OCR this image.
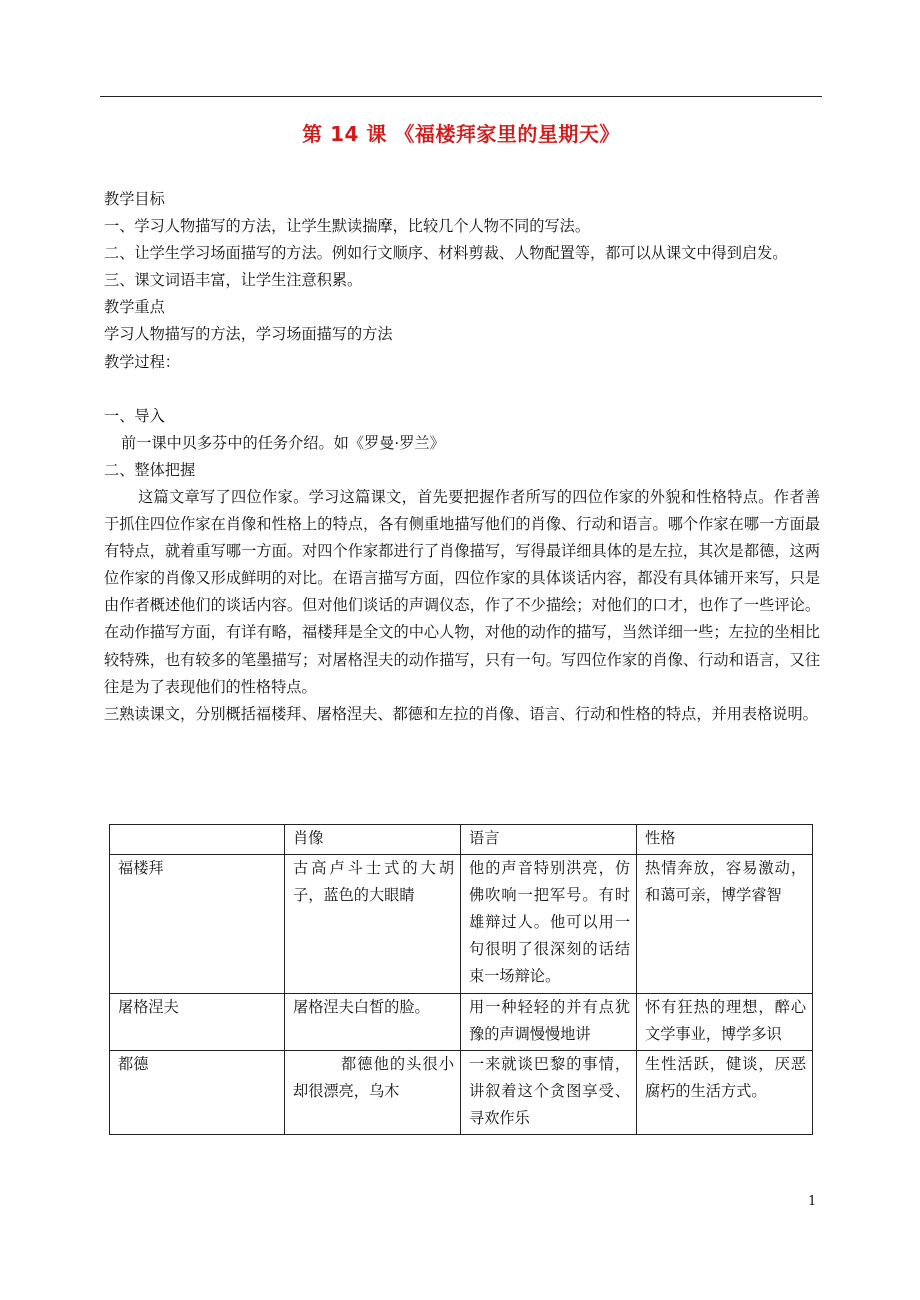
第 14 课 《福楼拜家里的星期天》
教学目标
一、学习人物描写的方法，让学生默读揣摩，比较几个人物不同的写法。
二、让学生学习场面描写的方法。例如行文顺序、材料剪裁、人物配置等，都可以从课文中得到启发。
三、课文词语丰富，让学生注意积累。
教学重点
学习人物描写的方法，学习场面描写的方法
教学过程：
一、导入
前一课中贝多芬中的任务介绍。如《罗曼·罗兰》
二、整体把握
这篇文章写了四位作家。学习这篇课文，首先要把握作者所写的四位作家的外貌和性格特点。作者善于抓住四位作家在肖像和性格上的特点，各有侧重地描写他们的肖像、行动和语言。哪个作家在哪一方面最有特点，就着重写哪一方面。对四个作家都进行了肖像描写，写得最详细具体的是左拉，其次是都德，这两位作家的肖像又形成鲜明的对比。在语言描写方面，四位作家的具体谈话内容，都没有具体铺开来写，只是由作者概述他们的谈话内容。但对他们谈话的声调仪态，作了不少描绘；对他们的口才，也作了一些评论。在动作描写方面，有详有略，福楼拜是全文的中心人物，对他的动作的描写，当然详细一些；左拉的坐相比较特殊，也有较多的笔墨描写；对屠格涅夫的动作描写，只有一句。写四位作家的肖像、行动和语言，又往往是为了表现他们的性格特点。
三熟读课文，分别概括福楼拜、屠格涅夫、都德和左拉的肖像、语言、行动和性格的特点，并用表格说明。
	肖像	语言	性格
福楼拜	古高卢斗士式的大胡子，蓝色的大眼睛	他的声音特别洪亮，仿佛吹响一把军号。有时雄辩过人。他可以用一句很明了很深刻的话结束一场辩论。	热情奔放，容易激动，和蔼可亲，博学睿智
屠格涅夫	屠格涅夫白皙的脸。	用一种轻轻的并有点犹豫的声调慢慢地讲	怀有狂热的理想，醉心文学事业，博学多识
都德	都德他的头很小却很漂亮，乌木	一来就谈巴黎的事情，讲叙着这个贪图享受、寻欢作乐	生性活跃，健谈，厌恶腐朽的生活方式。
1
